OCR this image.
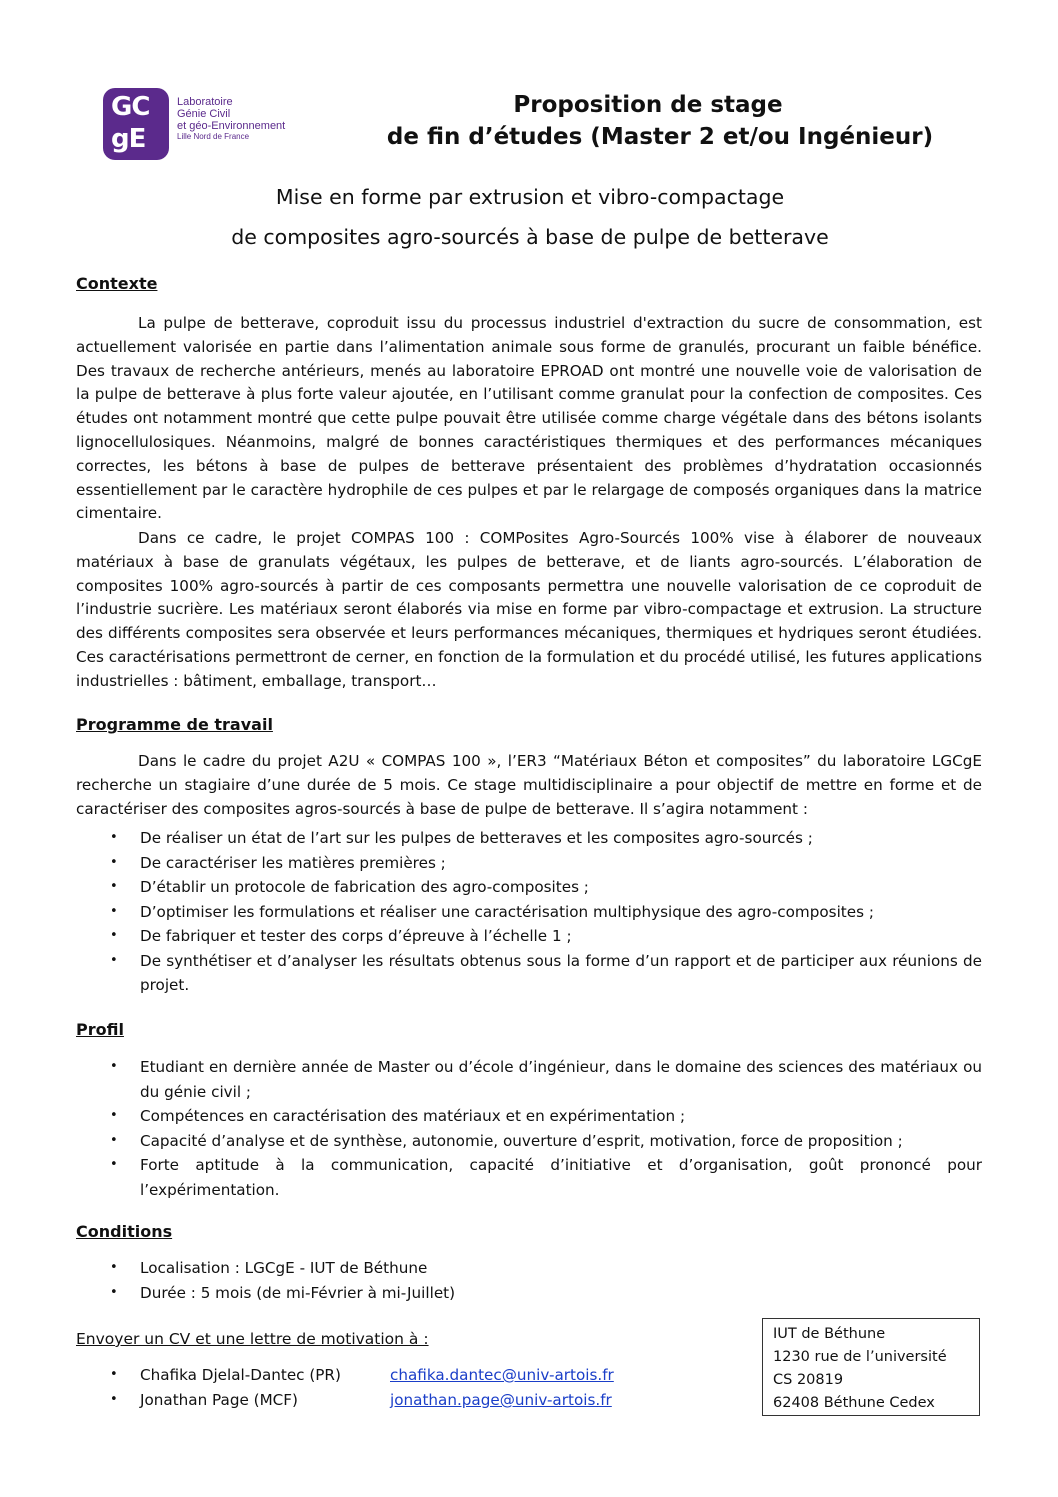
GC
gE
Laboratoire
Génie Civil
et géo-Environnement
Lille Nord de France
Proposition de stage
de fin d’études (Master 2 et/ou Ingénieur)
Mise en forme par extrusion et vibro-compactage
de composites agro-sourcés à base de pulpe de betterave
Contexte
La pulpe de betterave, coproduit issu du processus industriel d'extraction du sucre de consommation, est actuellement valorisée en partie dans l’alimentation animale sous forme de granulés, procurant un faible bénéfice. Des travaux de recherche antérieurs, menés au laboratoire EPROAD ont montré une nouvelle voie de valorisation de la pulpe de betterave à plus forte valeur ajoutée, en l’utilisant comme granulat pour la confection de composites. Ces études ont notamment montré que cette pulpe pouvait être utilisée comme charge végétale dans des bétons isolants lignocellulosiques. Néanmoins, malgré de bonnes caractéristiques thermiques et des performances mécaniques correctes, les bétons à base de pulpes de betterave présentaient des problèmes d’hydratation occasionnés essentiellement par le caractère hydrophile de ces pulpes et par le relargage de composés organiques dans la matrice cimentaire.
Dans ce cadre, le projet COMPAS 100 : COMPosites Agro-Sourcés 100% vise à élaborer de nouveaux matériaux à base de granulats végétaux, les pulpes de betterave, et de liants agro-sourcés. L’élaboration de composites 100% agro-sourcés à partir de ces composants permettra une nouvelle valorisation de ce coproduit de l’industrie sucrière. Les matériaux seront élaborés via mise en forme par vibro-compactage et extrusion. La structure des différents composites sera observée et leurs performances mécaniques, thermiques et hydriques seront étudiées. Ces caractérisations permettront de cerner, en fonction de la formulation et du procédé utilisé, les futures applications industrielles : bâtiment, emballage, transport…
Programme de travail
Dans le cadre du projet A2U « COMPAS 100 », l’ER3 “Matériaux Béton et composites” du laboratoire LGCgE recherche un stagiaire d’une durée de 5 mois. Ce stage multidisciplinaire a pour objectif de mettre en forme et de caractériser des composites agros-sourcés à base de pulpe de betterave. Il s’agira notamment :
• De réaliser un état de l’art sur les pulpes de betteraves et les composites agro-sourcés ;
• De caractériser les matières premières ;
• D’établir un protocole de fabrication des agro-composites ;
• D’optimiser les formulations et réaliser une caractérisation multiphysique des agro-composites ;
• De fabriquer et tester des corps d’épreuve à l’échelle 1 ;
• De synthétiser et d’analyser les résultats obtenus sous la forme d’un rapport et de participer aux réunions de projet.
Profil
• Etudiant en dernière année de Master ou d’école d’ingénieur, dans le domaine des sciences des matériaux ou du génie civil ;
• Compétences en caractérisation des matériaux et en expérimentation ;
• Capacité d’analyse et de synthèse, autonomie, ouverture d’esprit, motivation, force de proposition ;
• Forte aptitude à la communication, capacité d’initiative et d’organisation, goût prononcé pour l’expérimentation.
Conditions
• Localisation : LGCgE - IUT de Béthune
• Durée : 5 mois (de mi-Février à mi-Juillet)
Envoyer un CV et une lettre de motivation à :
• Chafika Djelal-Dantec (PR)	chafika.dantec@univ-artois.fr
• Jonathan Page (MCF)	jonathan.page@univ-artois.fr
IUT de Béthune
1230 rue de l’université
CS 20819
62408 Béthune Cedex
